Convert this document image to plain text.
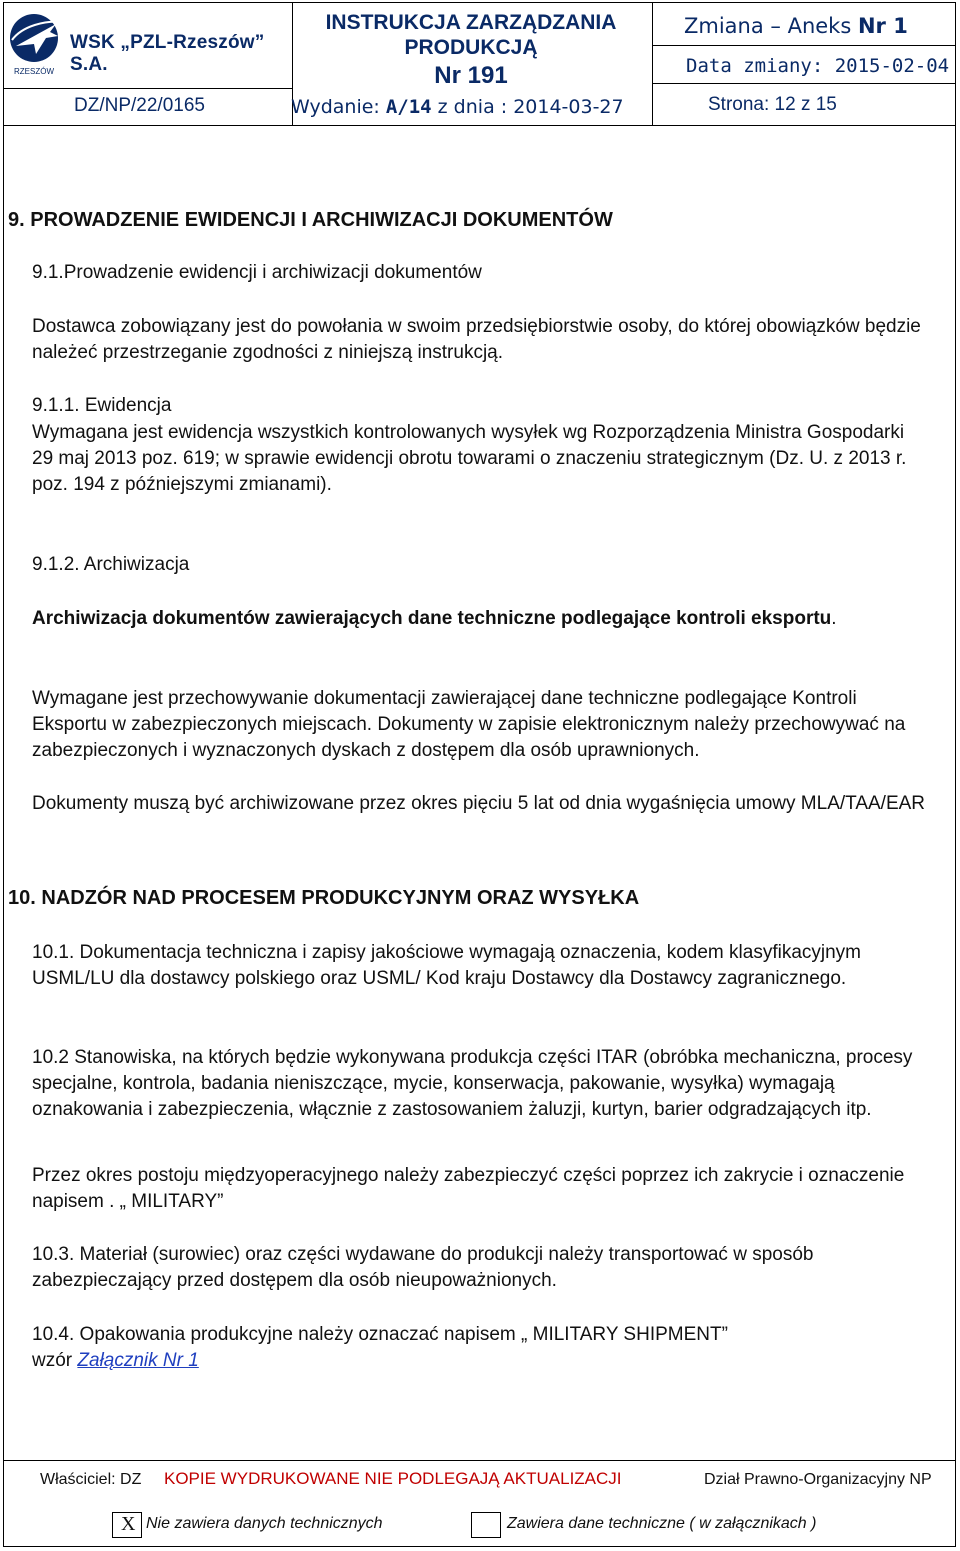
RZESZÓW
WSK „PZL-Rzeszów” S.A.
DZ/NP/22/0165
INSTRUKCJA ZARZĄDZANIA
PRODUKCJĄ
Nr 191
Wydanie: A/14 z dnia : 2014-03-27
Zmiana – Aneks Nr 1
Data zmiany: 2015-02-04
Strona: 12 z 15
9. PROWADZENIE EWIDENCJI I ARCHIWIZACJI DOKUMENTÓW
9.1.Prowadzenie ewidencji i archiwizacji dokumentów
Dostawca zobowiązany jest do powołania w swoim przedsiębiorstwie osoby, do której obowiązków będzie należeć przestrzeganie zgodności z niniejszą instrukcją.
9.1.1. Ewidencja
Wymagana jest ewidencja wszystkich kontrolowanych wysyłek wg Rozporządzenia Ministra Gospodarki 29 maj 2013 poz. 619; w sprawie ewidencji obrotu towarami o znaczeniu strategicznym (Dz. U. z 2013 r. poz. 194 z późniejszymi zmianami).
9.1.2. Archiwizacja
Archiwizacja dokumentów zawierających dane techniczne podlegające kontroli eksportu.
Wymagane jest przechowywanie dokumentacji zawierającej dane techniczne podlegające Kontroli Eksportu w zabezpieczonych miejscach. Dokumenty w zapisie elektronicznym należy przechowywać na zabezpieczonych i wyznaczonych dyskach z dostępem dla osób uprawnionych.
Dokumenty muszą być archiwizowane przez okres pięciu 5 lat od dnia wygaśnięcia umowy MLA/TAA/EAR
10. NADZÓR NAD PROCESEM PRODUKCYJNYM ORAZ WYSYŁKA
10.1. Dokumentacja techniczna i zapisy jakościowe wymagają oznaczenia, kodem klasyfikacyjnym USML/LU dla dostawcy polskiego oraz USML/ Kod kraju Dostawcy dla Dostawcy zagranicznego.
10.2 Stanowiska, na których będzie wykonywana produkcja części ITAR (obróbka mechaniczna, procesy specjalne, kontrola, badania nieniszczące, mycie, konserwacja, pakowanie, wysyłka) wymagają oznakowania i zabezpieczenia, włącznie z zastosowaniem żaluzji, kurtyn, barier odgradzających itp.
Przez okres postoju międzyoperacyjnego należy zabezpieczyć części poprzez ich zakrycie i oznaczenie napisem . „ MILITARY”
10.3. Materiał (surowiec) oraz części wydawane do produkcji należy transportować w sposób zabezpieczający przed dostępem dla osób nieupoważnionych.
10.4. Opakowania produkcyjne należy oznaczać napisem „ MILITARY SHIPMENT”
wzór Załącznik Nr 1
Właściciel: DZ KOPIE WYDRUKOWANE NIE PODLEGAJĄ AKTUALIZACJI	Dział Prawno-Organizacyjny NP
X Nie zawiera danych technicznych	Zawiera dane techniczne ( w załącznikach )
